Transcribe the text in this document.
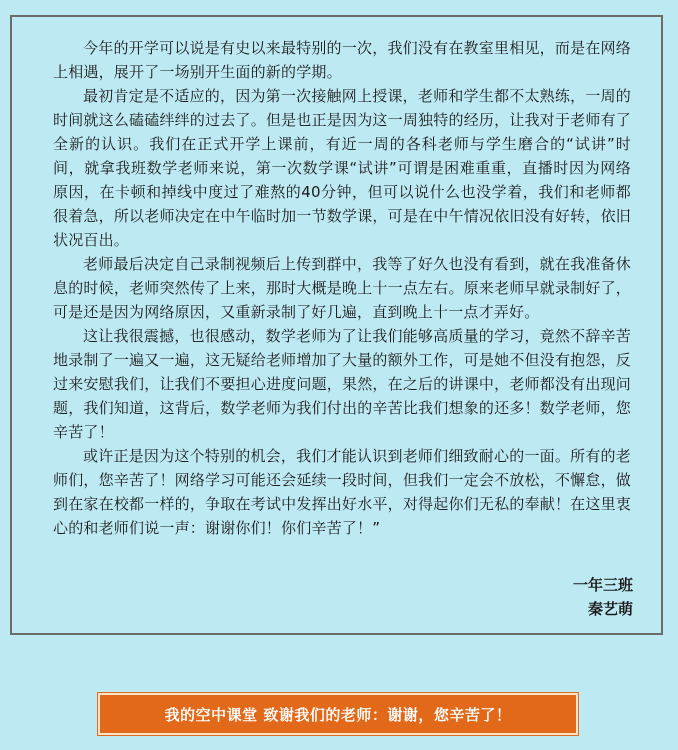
今年的开学可以说是有史以来最特别的一次，我们没有在教室里相见，而是在网络上相遇，展开了一场别开生面的新的学期。

最初肯定是不适应的，因为第一次接触网上授课，老师和学生都不太熟练，一周的时间就这么磕磕绊绊的过去了。但是也正是因为这一周独特的经历，让我对于老师有了全新的认识。我们在正式开学上课前，有近一周的各科老师与学生磨合的“试讲”时间，就拿我班数学老师来说，第一次数学课“试讲”可谓是困难重重，直播时因为网络原因，在卡顿和掉线中度过了难熬的40分钟，但可以说什么也没学着，我们和老师都很着急，所以老师决定在中午临时加一节数学课，可是在中午情况依旧没有好转，依旧状况百出。

老师最后决定自己录制视频后上传到群中，我等了好久也没有看到，就在我准备休息的时候，老师突然传了上来，那时大概是晚上十一点左右。原来老师早就录制好了，可是还是因为网络原因，又重新录制了好几遍，直到晚上十一点才弄好。

这让我很震撼，也很感动，数学老师为了让我们能够高质量的学习，竟然不辞辛苦地录制了一遍又一遍，这无疑给老师增加了大量的额外工作，可是她不但没有抱怨，反过来安慰我们，让我们不要担心进度问题，果然，在之后的讲课中，老师都没有出现问题，我们知道，这背后，数学老师为我们付出的辛苦比我们想象的还多！数学老师，您辛苦了！

或许正是因为这个特别的机会，我们才能认识到老师们细致耐心的一面。所有的老师们，您辛苦了！网络学习可能还会延续一段时间，但我们一定会不放松，不懈怠，做到在家在校都一样的，争取在考试中发挥出好水平，对得起你们无私的奉献！在这里衷心的和老师们说一声：谢谢你们！你们辛苦了！”

一年三班
秦艺萌
我的空中课堂 致谢我们的老师：谢谢，您辛苦了！
